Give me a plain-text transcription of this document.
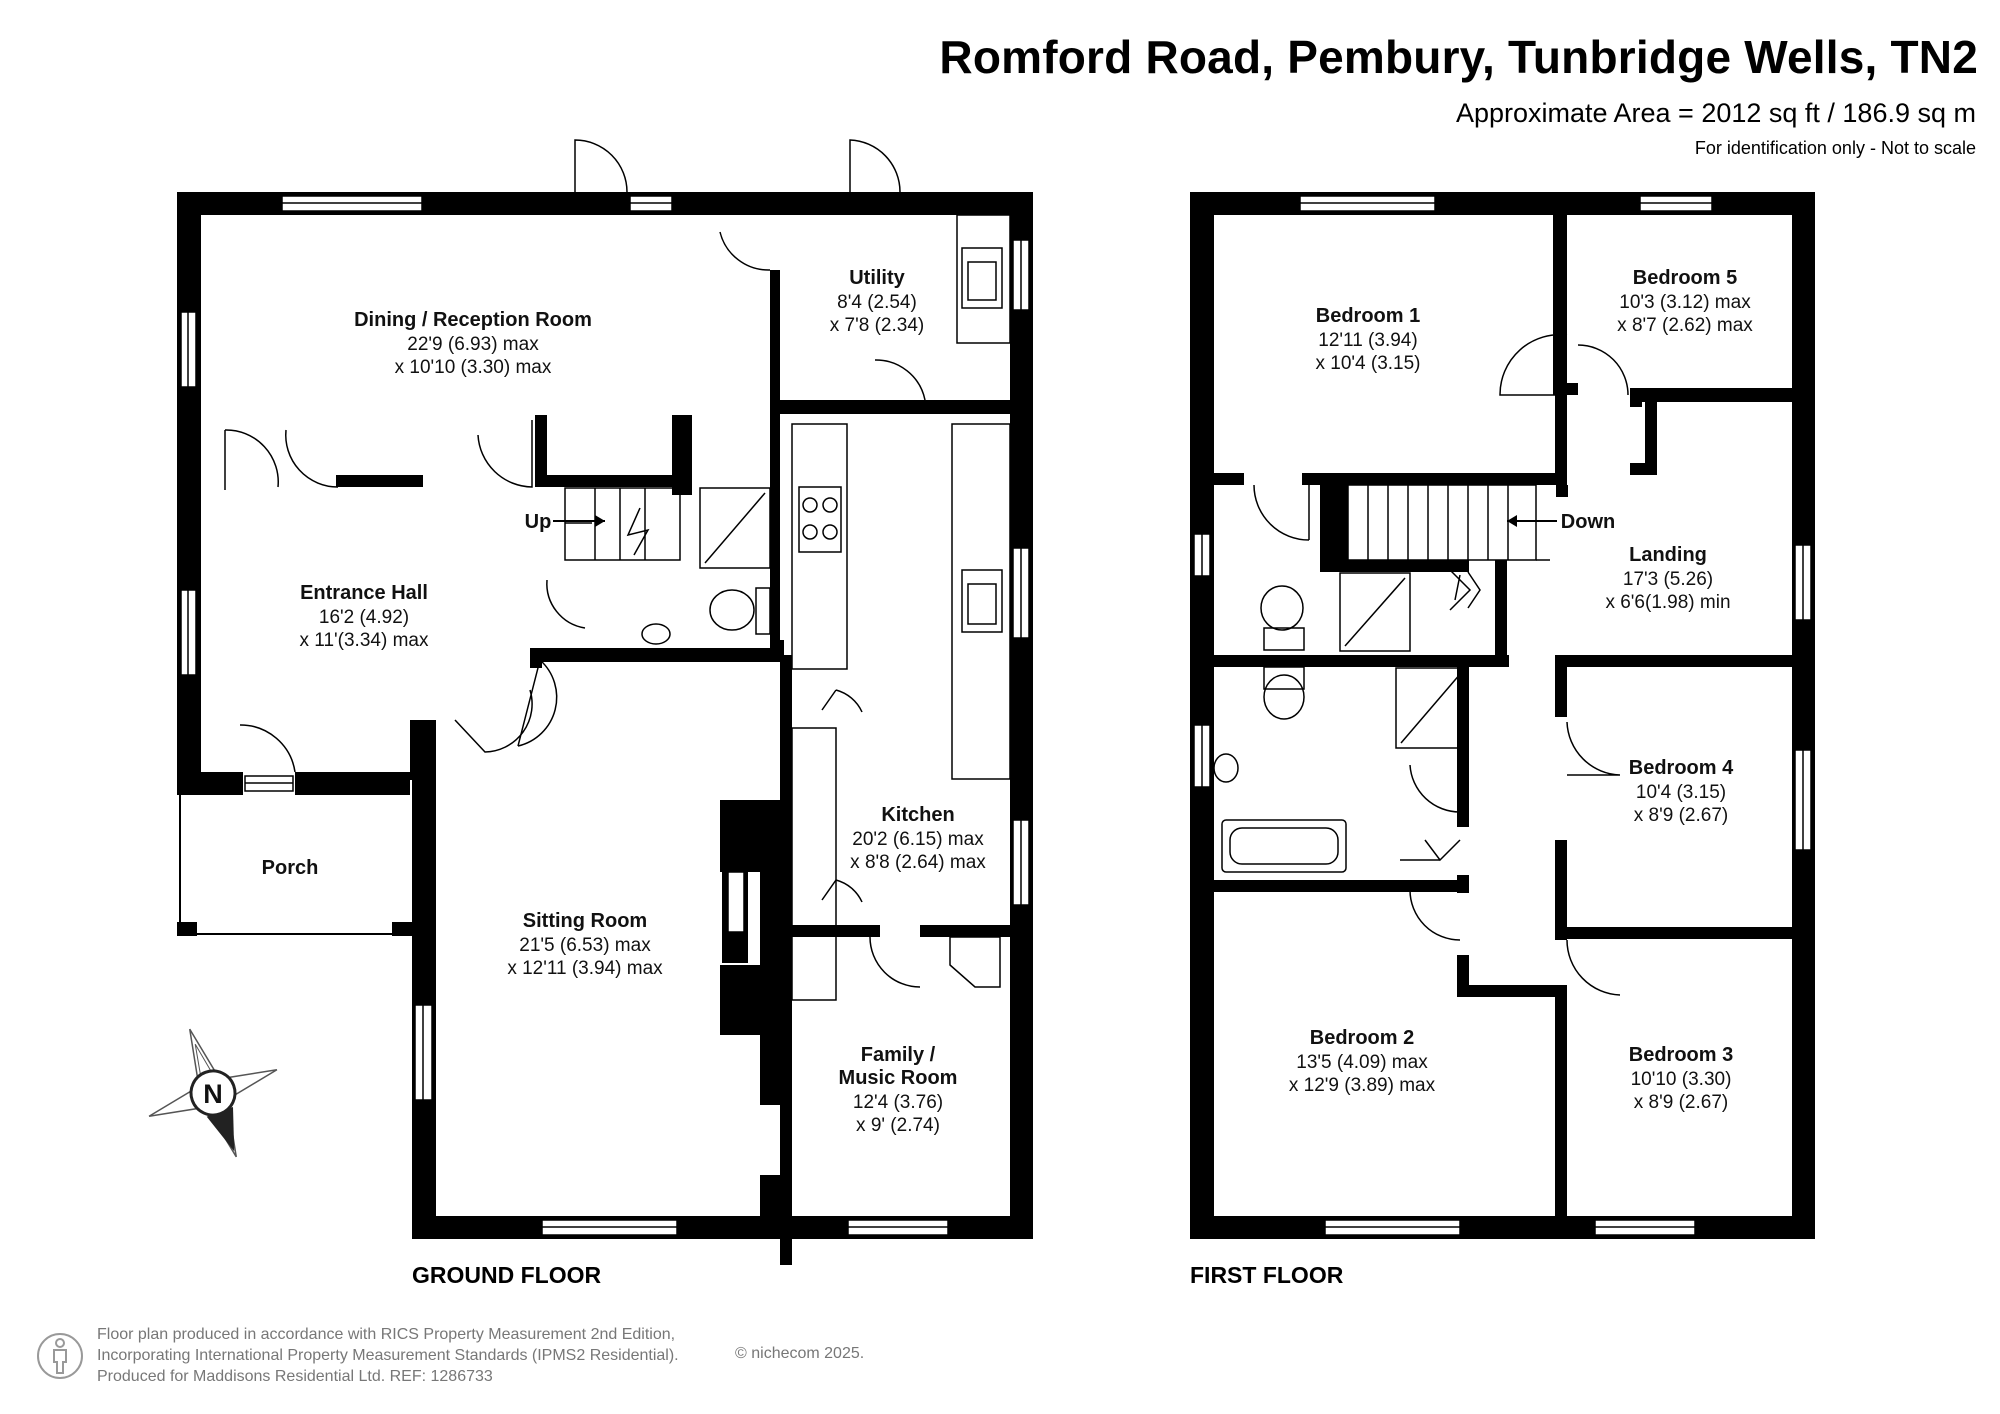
Romford Road, Pembury, Tunbridge Wells, TN2
Approximate Area = 2012 sq ft / 186.9 sq m
For identification only - Not to scale
Dining / Reception Room
22'9 (6.93) max
x 10'10 (3.30) max
Utility
8'4 (2.54)
x 7'8 (2.34)
Entrance Hall
16'2 (4.92)
x 11'(3.34) max
Porch
Kitchen
20'2 (6.15) max
x 8'8 (2.64) max
Sitting Room
21'5 (6.53) max
x 12'11 (3.94) max
Family /
Music Room
12'4 (3.76)
x 9' (2.74)
Up
Bedroom 1
12'11 (3.94)
x 10'4 (3.15)
Bedroom 5
10'3 (3.12) max
x 8'7 (2.62) max
Landing
17'3 (5.26)
x 6'6(1.98) min
Bedroom 4
10'4 (3.15)
x 8'9 (2.67)
Bedroom 2
13'5 (4.09) max
x 12'9 (3.89) max
Bedroom 3
10'10 (3.30)
x 8'9 (2.67)
Down
N
GROUND FLOOR	FIRST FLOOR
Floor plan produced in accordance with RICS Property Measurement 2nd Edition,
Incorporating International Property Measurement Standards (IPMS2 Residential).
Produced for Maddisons Residential Ltd. REF: 1286733
© nichecom 2025.
